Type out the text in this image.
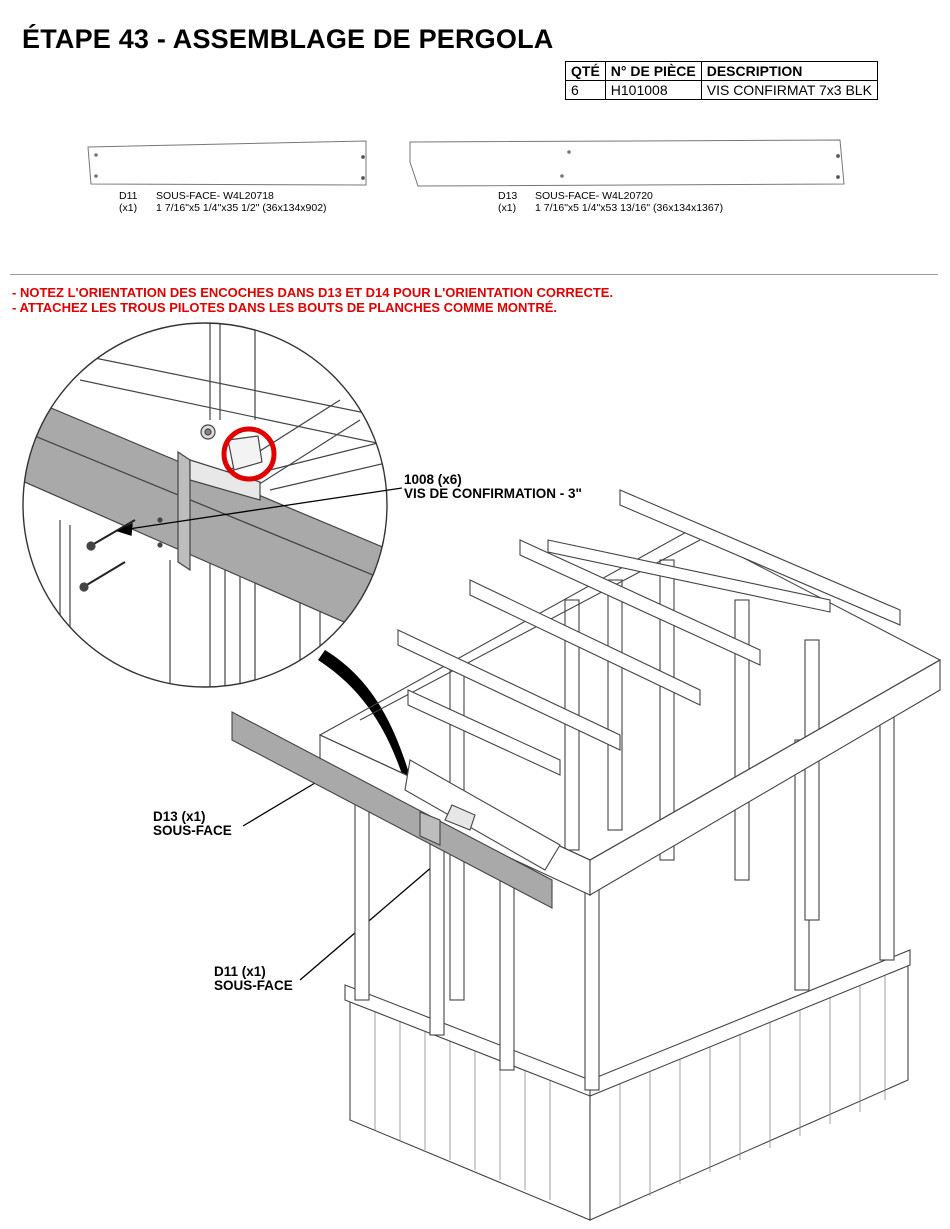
ÉTAPE 43 - ASSEMBLAGE DE PERGOLA
QTÉ	N° DE PIÈCE	DESCRIPTION
6	H101008	VIS CONFIRMAT 7x3 BLK
D11 SOUS-FACE- W4L20718
(x1) 1 7/16"x5 1/4"x35 1/2" (36x134x902)
D13 SOUS-FACE- W4L20720
(x1) 1 7/16"x5 1/4"x53 13/16" (36x134x1367)
- NOTEZ L'ORIENTATION DES ENCOCHES DANS D13 ET D14 POUR L'ORIENTATION CORRECTE.
- ATTACHEZ LES TROUS PILOTES DANS LES BOUTS DE PLANCHES COMME MONTRÉ.
1008 (x6)
VIS DE CONFIRMATION - 3"
D13 (x1)
SOUS-FACE
D11 (x1)
SOUS-FACE
